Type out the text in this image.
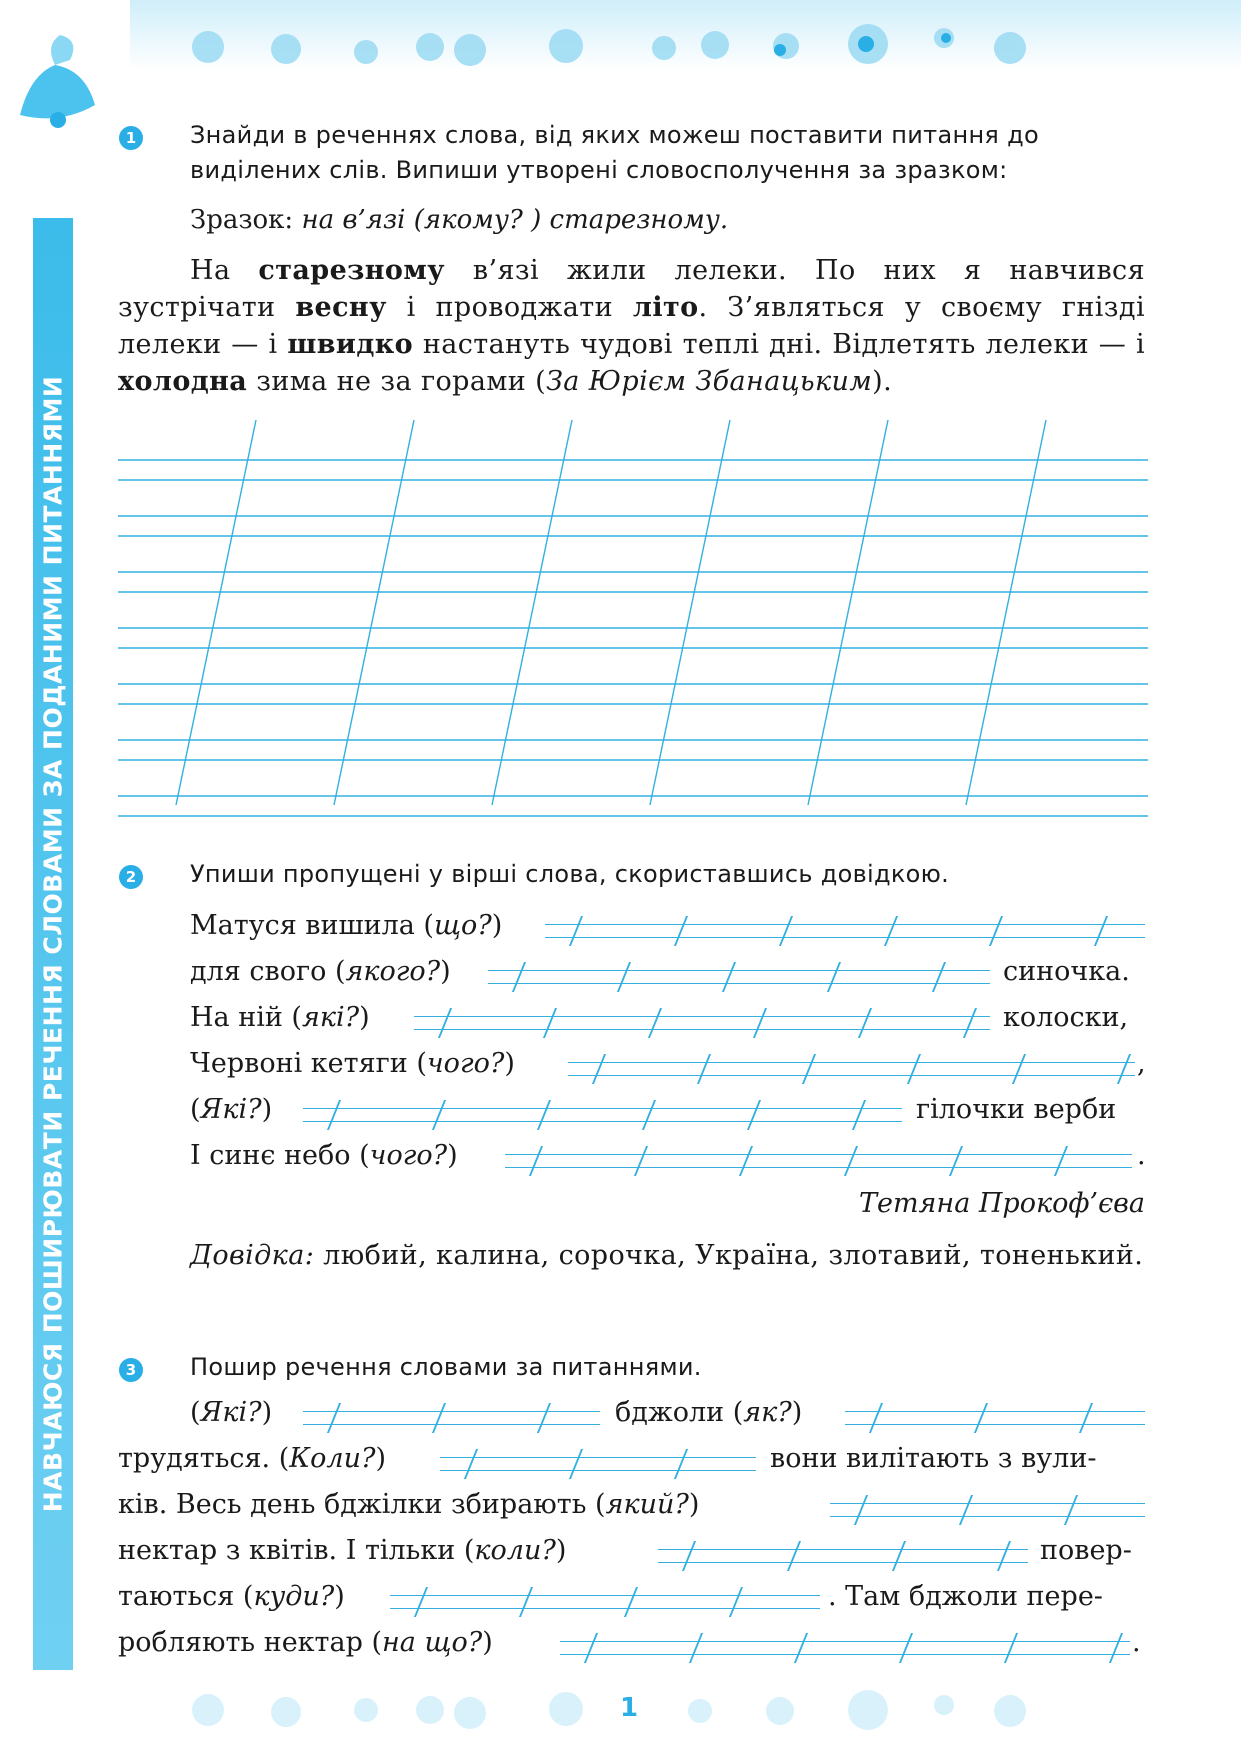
НАВЧАЮСЯ ПОШИРЮВАТИ РЕЧЕННЯ СЛОВАМИ ЗА ПОДАНИМИ ПИТАННЯМИ
1 Знайди в реченнях слова, від яких можеш поставити питання до виділених слів. Випиши утворені словосполучення за зразком:
Зразок: на в’язі (якому? ) старезному.
На старезному в’язі жили лелеки. По них я навчився зустрічати весну і проводжати літо. З’являться у своєму гнізді лелеки — і швидко настануть чудові теплі дні. Відлетять лелеки — і холодна зима не за горами (За Юрієм Збанацьким).
2 Упиши пропущені у вірші слова, скориставшись довідкою.
Матуся вишила (що?)
для свого (якого?)	синочка.
На ній (які?)	колоски,
Червоні кетяги (чого?)	,
(Які?)	гілочки верби
І синє небо (чого?)	.
Тетяна Прокоф’єва
Довідка: любий, калина, сорочка, Україна, злотавий, тоненький.
3 Пошир речення словами за питаннями.
(Які?)	бджоли (як?)
трудяться. (Коли?)	вони вилітають з вули-
ків. Весь день бджілки збирають (який?)
нектар з квітів. І тільки (коли?)	повер-
таються (куди?)	. Там бджоли пере-
робляють нектар (на що?)	.
1
